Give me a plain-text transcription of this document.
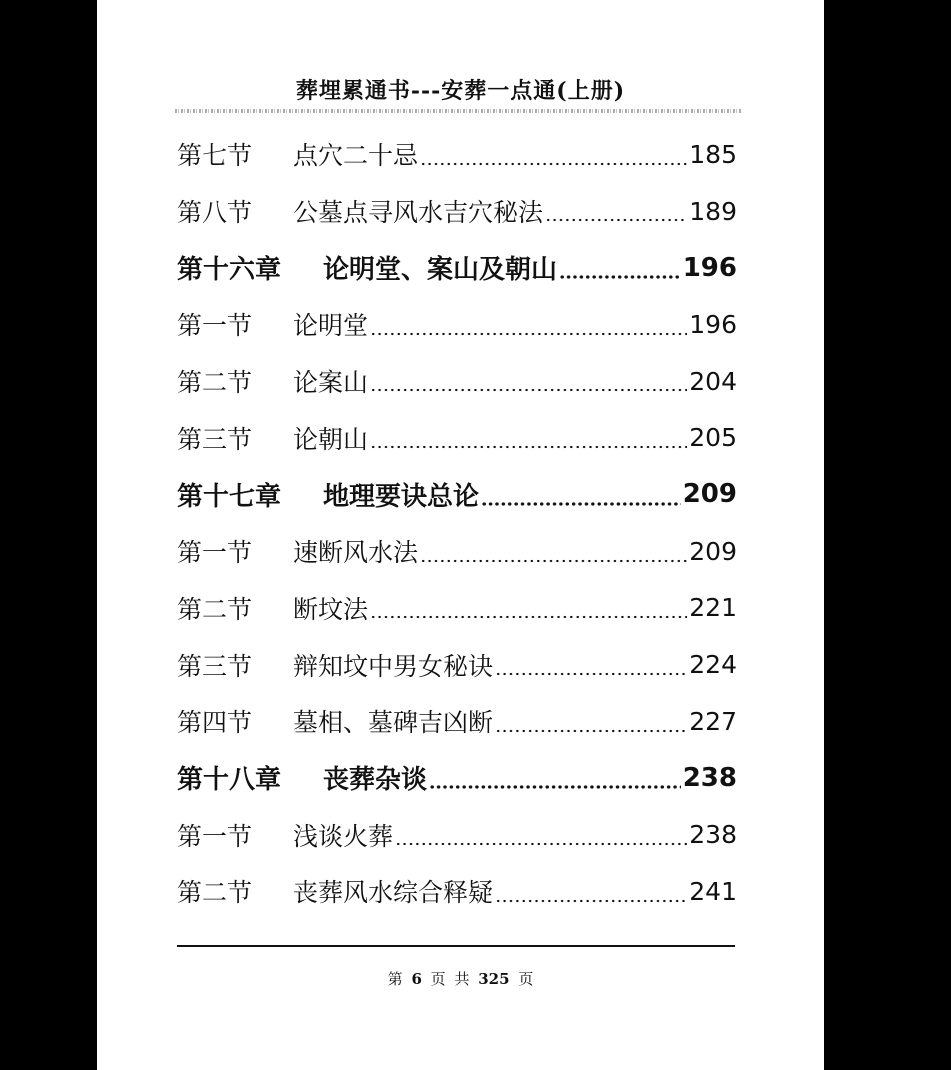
葬埋累通书---安葬一点通(上册)
第七节	点穴二十忌	185
第八节	公墓点寻风水吉穴秘法	189
第十六章	论明堂、案山及朝山	196
第一节	论明堂	196
第二节	论案山	204
第三节	论朝山	205
第十七章	地理要诀总论	209
第一节	速断风水法	209
第二节	断坟法	221
第三节	辩知坟中男女秘诀	224
第四节	墓相、墓碑吉凶断	227
第十八章	丧葬杂谈	238
第一节	浅谈火葬	238
第二节	丧葬风水综合释疑	241
第 6 页 共 325 页
